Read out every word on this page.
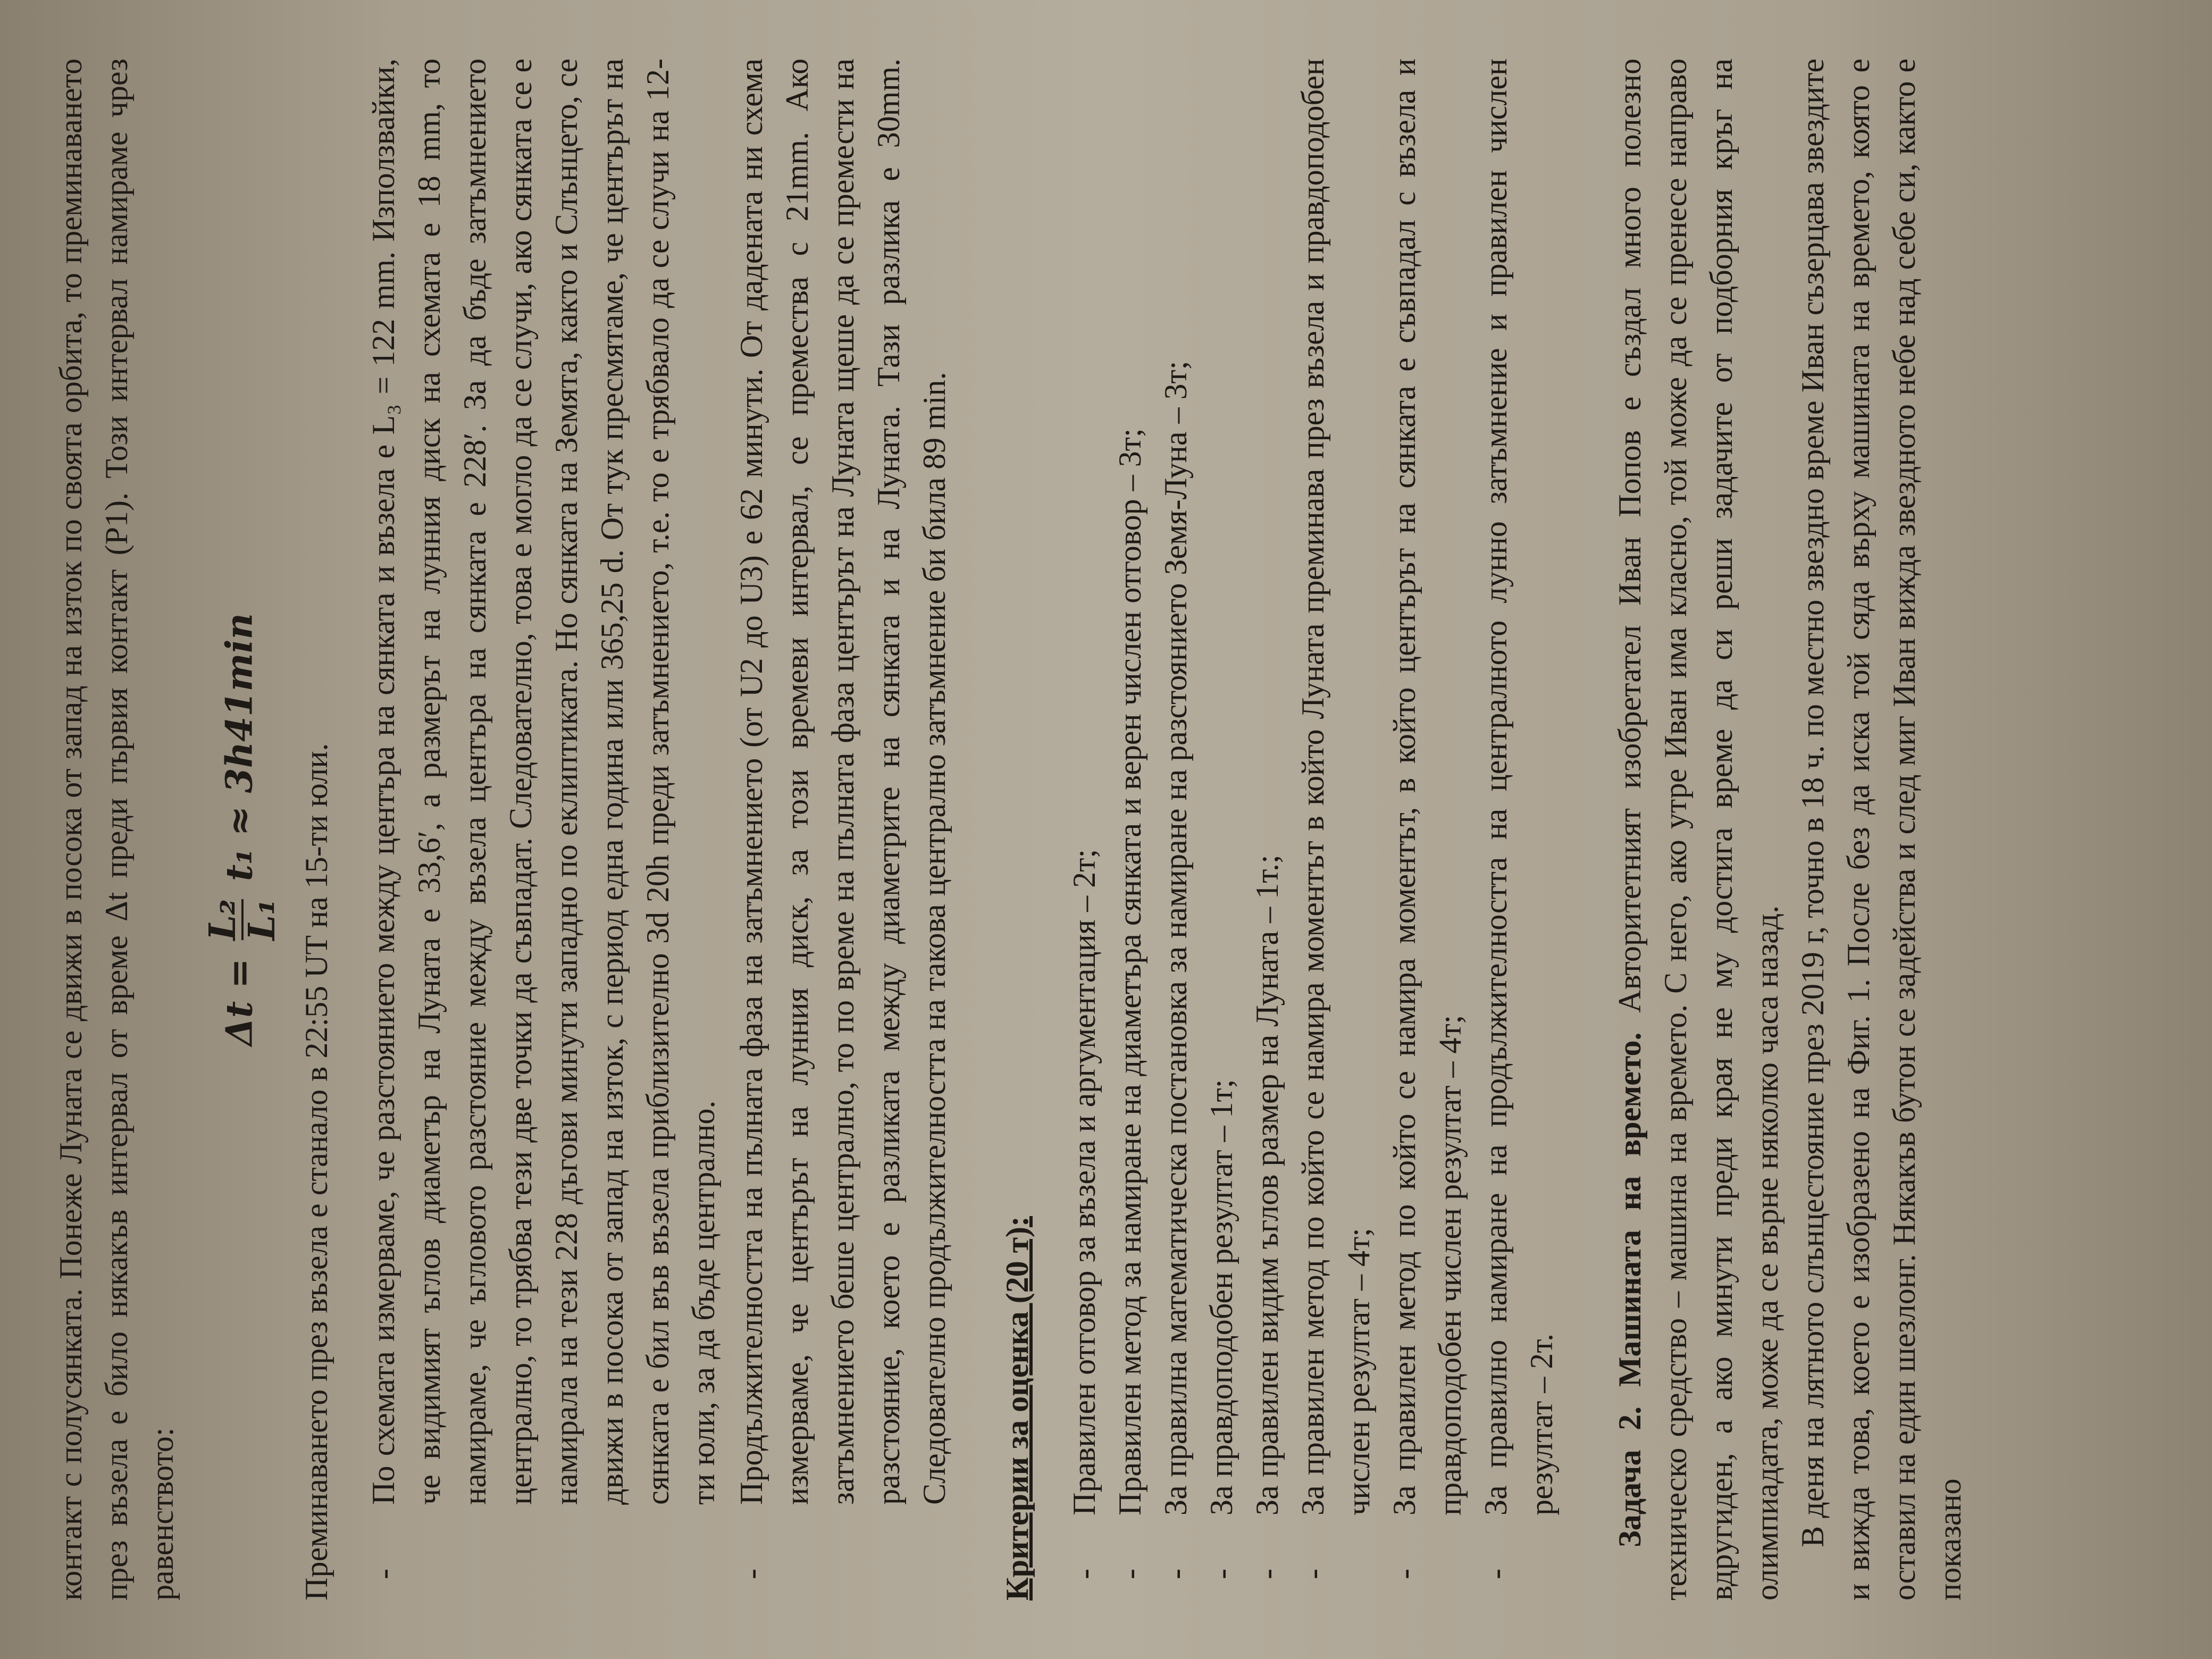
контакт с полусянката. Понеже Луната се движи в посока от запад на изток по своята орбита, то преминаването през възела е било някакъв интервал от време Δt преди първия контакт (P1). Този интервал намираме чрез равенството:

Δt =
L₂
L₁
t₁ ≈ 3h41min	Преминаването през възела е станало в 22:55 UT на 15-ти юли. - По схемата измерваме, че разстоянието между центъра на сянката и възела е L₃ = 122 mm. Използвайки, че видимият ъглов диаметър на Луната е 33,6′, а размерът на лунния диск на схемата е 18 mm, то намираме, че ъгловото разстояние между възела центъра на сянката е 228′. За да бъде затъмнението централно, то трябва тези две точки да съвпадат. Следователно, това е могло да се случи, ако сянката се е намирала на тези 228 дъгови минути западно по еклиптиката. Но сянката на Земята, както и Слънцето, се движи в посока от запад на изток, с период една година или 365,25 d. От тук пресмятаме, че центърът на сянката е бил във възела приблизително 3d 20h преди затъмнението, т.е. то е трябвало да се случи на 12-ти юли, за да бъде централно. - Продължителността на пълната фаза на затъмнението (от U2 до U3) е 62 минути. От дадената ни схема измерваме, че центърът на лунния диск, за този времеви интервал, се премества с 21mm. Ако затъмнението беше централно, то по време на пълната фаза центърът на Луната щеше да се премести на разстояние, което е разликата между диаметрите на сянката и на Луната. Тази разлика е 30mm. Следователно продължителността на такова централно затъмнение би била 89 min. Критерии за оценка (20 т): - Правилен отговор за възела и аргументация – 2т; - Правилен метод за намиране на диаметъра сянката и верен числен отговор – 3т; - За правилна математическа постановка за намиране на разстоянието Земя-Луна – 3т; - За правдоподобен резултат – 1т; - За правилен видим ъглов размер на Луната – 1т.; - За правилен метод по който се намира моментът в който Луната преминава през възела и правдоподобен числен резултат – 4т; - За правилен метод по който се намира моментът, в който центърът на сянката е съвпадал с възела и правдоподобен числен резултат – 4т; - За правилно намиране на продължителността на централното лунно затъмнение и правилен числен резултат – 2т. Задача 2. Машината на времето. Авторитетният изобретател Иван Попов е създал много полезно техническо средство – машина на времето. С него, ако утре Иван има класно, той може да се пренесе направо вдругиден, а ако минути преди края не му достига време да си реши задачите от подборния кръг на олимпиадата, може да се върне няколко часа назад. В деня на лятното слънцестояние през 2019 г, точно в 18 ч. по местно звездно време Иван съзерцава звездите и вижда това, което е изобразено на Фиг. 1. После без да иска той сяда върху машината на времето, която е оставил на един шезлонг. Някакъв бутон се задейства и след миг Иван вижда звездното небе над себе си, както е показано
